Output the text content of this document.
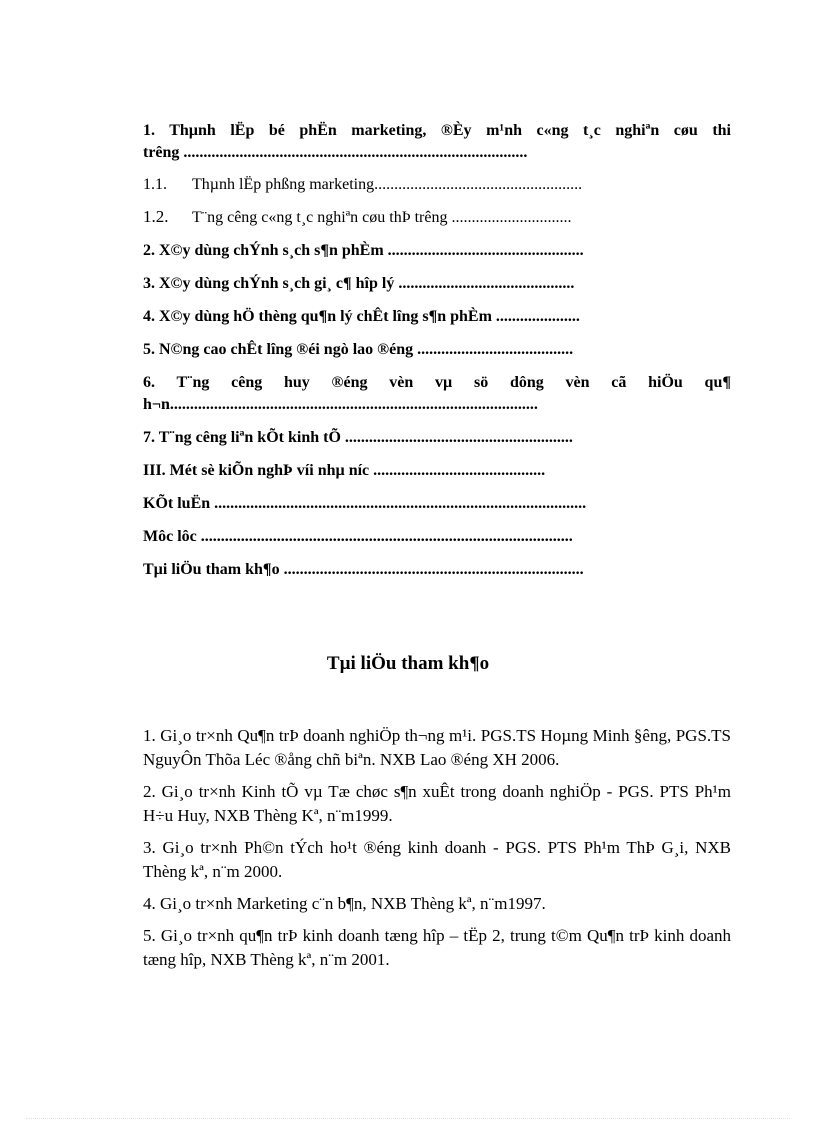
1. Thµnh lËp bé phËn marketing, ®Èy m¹nh c«ng t¸c nghiªn cøu thi
trêng ......................................................................................
1.1. Thµnh lËp phßng marketing....................................................
1.2. T¨ng cêng c«ng t¸c nghiªn cøu thÞ trêng ..............................
2. X©y dùng chÝnh s¸ch s¶n phÈm .................................................
3. X©y dùng chÝnh s¸ch gi¸ c¶ hîp lý ............................................
4. X©y dùng hÖ thèng qu¶n lý chÊt lîng s¶n phÈm .....................
5. N©ng cao chÊt lîng ®éi ngò lao ®éng .......................................
6. T¨ng cêng huy ®éng vèn vµ sö dông vèn cã hiÖu qu¶
h¬n............................................................................................
7. T¨ng cêng liªn kÕt kinh tÕ .........................................................
III. Mét sè kiÕn nghÞ víi nhµ níc ...........................................
KÕt luËn .............................................................................................
Môc lôc .............................................................................................
Tµi liÖu tham kh¶o ...........................................................................
Tµi liÖu tham kh¶o
1. Gi¸o tr×nh Qu¶n trÞ doanh nghiÖp th¬ng m¹i. PGS.TS Hoµng Minh §êng, PGS.TS NguyÔn Thõa Léc ®ång chñ biªn. NXB Lao ®éng XH 2006.
2. Gi¸o tr×nh Kinh tÕ vµ Tæ chøc s¶n xuÊt trong doanh nghiÖp - PGS. PTS Ph¹m H÷u Huy, NXB Thèng Kª, n¨m1999.
3. Gi¸o tr×nh Ph©n tÝch ho¹t ®éng kinh doanh - PGS. PTS Ph¹m ThÞ G¸i, NXB Thèng kª, n¨m 2000.
4. Gi¸o tr×nh Marketing c¨n b¶n, NXB Thèng kª, n¨m1997.
5. Gi¸o tr×nh qu¶n trÞ kinh doanh tæng hîp – tËp 2, trung t©m Qu¶n trÞ kinh doanh tæng hîp, NXB Thèng kª, n¨m 2001.
